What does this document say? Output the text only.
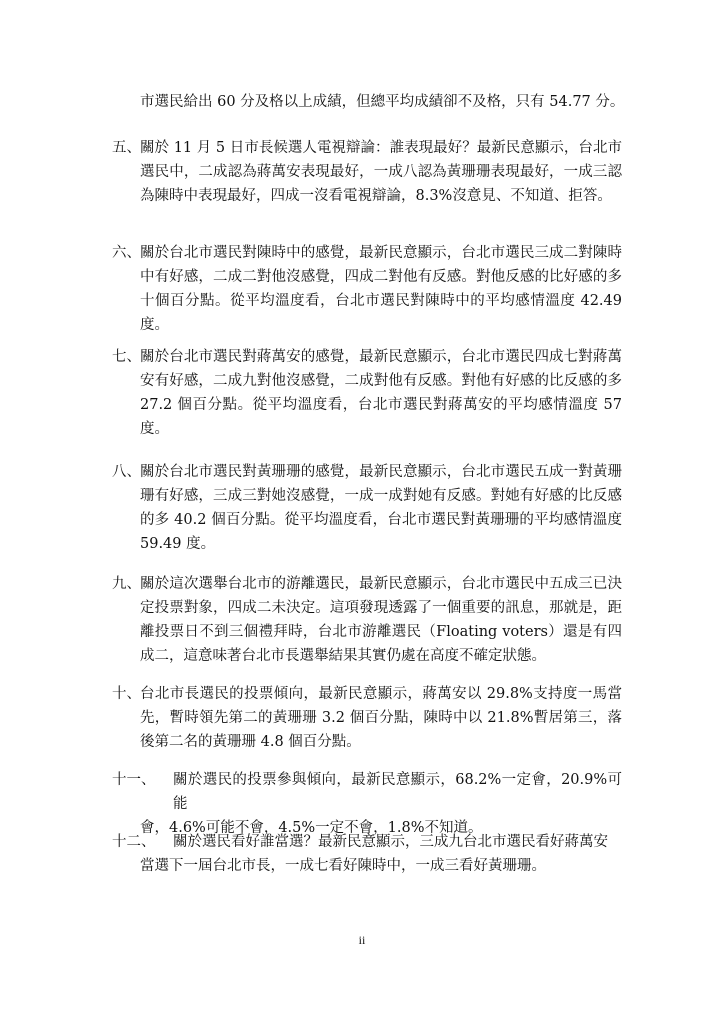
市選民給出 60 分及格以上成績，但總平均成績卻不及格，只有 54.77 分。
五、 關於 11 月 5 日市長候選人電視辯論：誰表現最好？最新民意顯示，台北市選民中，二成認為蔣萬安表現最好，一成八認為黃珊珊表現最好，一成三認為陳時中表現最好，四成一沒看電視辯論，8.3%沒意見、不知道、拒答。
六、 關於台北市選民對陳時中的感覺，最新民意顯示，台北市選民三成二對陳時中有好感，二成二對他沒感覺，四成二對他有反感。對他反感的比好感的多十個百分點。從平均溫度看，台北市選民對陳時中的平均感情溫度 42.49 度。
七、 關於台北市選民對蔣萬安的感覺，最新民意顯示，台北市選民四成七對蔣萬安有好感，二成九對他沒感覺，二成對他有反感。對他有好感的比反感的多 27.2 個百分點。從平均溫度看，台北市選民對蔣萬安的平均感情溫度 57 度。
八、 關於台北市選民對黃珊珊的感覺，最新民意顯示，台北市選民五成一對黃珊珊有好感，三成三對她沒感覺，一成一成對她有反感。對她有好感的比反感的多 40.2 個百分點。從平均溫度看，台北市選民對黃珊珊的平均感情溫度 59.49 度。
九、 關於這次選舉台北市的游離選民，最新民意顯示，台北市選民中五成三已決定投票對象，四成二未決定。這項發現透露了一個重要的訊息，那就是，距離投票日不到三個禮拜時，台北市游離選民（Floating voters）還是有四成二，這意味著台北市長選舉結果其實仍處在高度不確定狀態。
十、 台北市長選民的投票傾向，最新民意顯示，蔣萬安以 29.8%支持度一馬當先，暫時領先第二的黃珊珊 3.2 個百分點，陳時中以 21.8%暫居第三，落後第二名的黃珊珊 4.8 個百分點。
十一、	關於選民的投票參與傾向，最新民意顯示，68.2%一定會，20.9%可能會，4.6%可能不會，4.5%一定不會，1.8%不知道。
十二、	關於選民看好誰當選？最新民意顯示，三成九台北市選民看好蔣萬安當選下一屆台北市長，一成七看好陳時中，一成三看好黃珊珊。
ii
